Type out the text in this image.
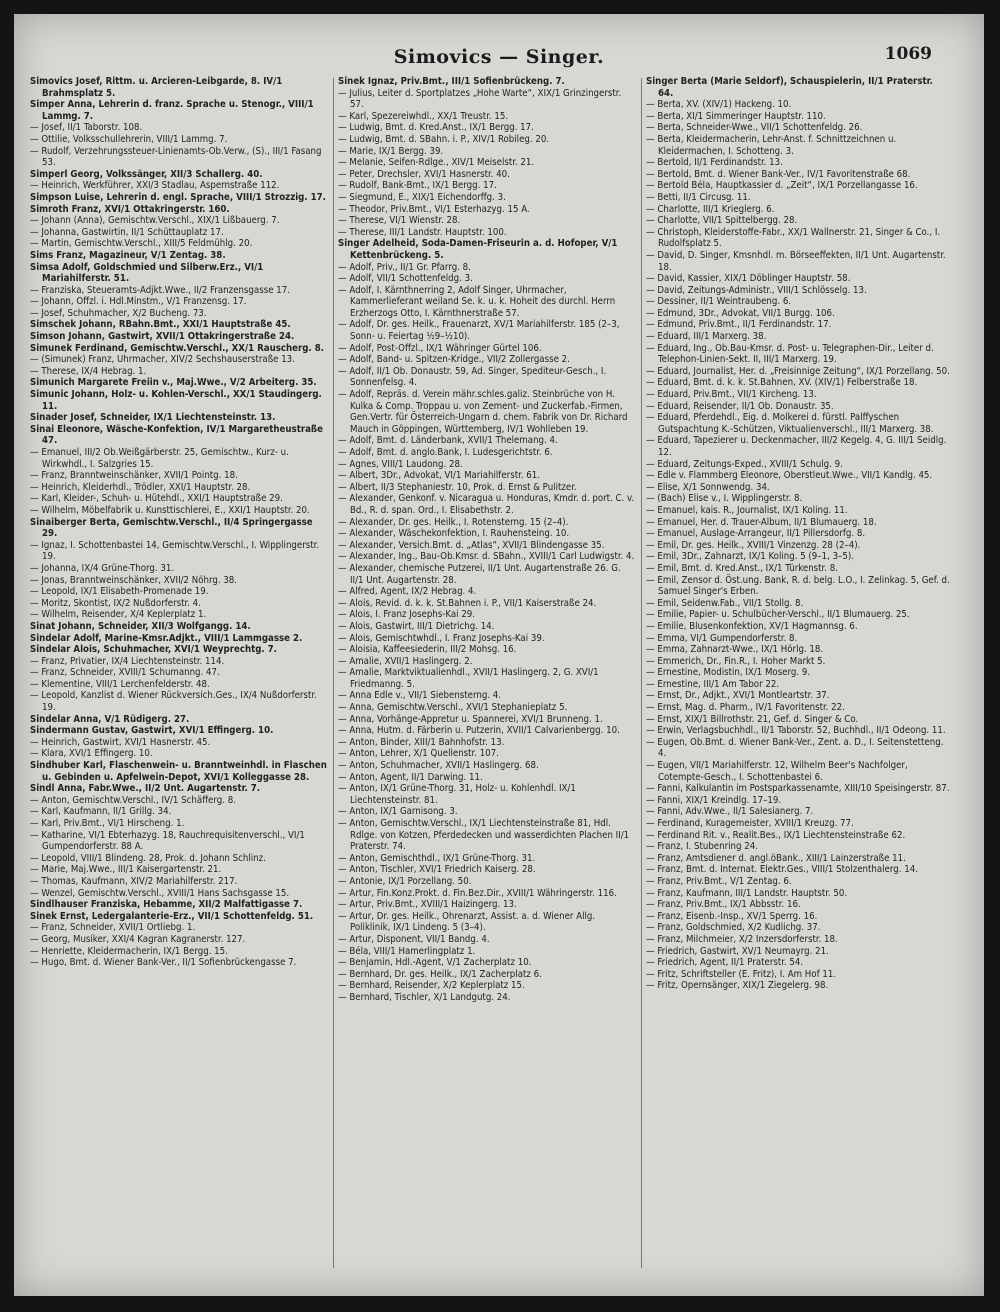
Simovics — Singer.	1069
Simovics Josef, Rittm. u. Arcieren-Leibgarde, 8. IV/1 Brahmsplatz 5.
Simper Anna, Lehrerin d. franz. Sprache u. Stenogr., VIII/1 Lammg. 7.
— Josef, II/1 Taborstr. 108.
— Ottilie, Volksschullehrerin, VIII/1 Lammg. 7.
— Rudolf, Verzehrungssteuer-Linienamts-Ob.Verw., (S)., III/1 Fasang 53.
Simperl Georg, Volkssänger, XII/3 Schallerg. 40.
— Heinrich, Werkführer, XXI/3 Stadlau, Aspernstraße 112.
Simpson Luise, Lehrerin d. engl. Sprache, VIII/1 Strozzig. 17.
Simroth Franz, XVI/1 Ottakringerstr. 160.
— Johann (Anna), Gemischtw.Verschl., XIX/1 Lißbauerg. 7.
— Johanna, Gastwirtin, II/1 Schüttauplatz 17.
— Martin, Gemischtw.Verschl., XIII/5 Feldmühlg. 20.
Sims Franz, Magazineur, V/1 Zentag. 38.
Simsa Adolf, Goldschmied und Silberw.Erz., VI/1 Mariahilferstr. 51.
— Franziska, Steueramts-Adjkt.Wwe., II/2 Franzensgasse 17.
— Johann, Offzl. i. Hdl.Minstm., V/1 Franzensg. 17.
— Josef, Schuhmacher, X/2 Bucheng. 73.
Simschek Johann, RBahn.Bmt., XXI/1 Hauptstraße 45.
Simson Johann, Gastwirt, XVII/1 Ottakringerstraße 24.
Simunek Ferdinand, Gemischtw.Verschl., XX/1 Rauscherg. 8.
— (Simunek) Franz, Uhrmacher, XIV/2 Sechshauserstraße 13.
— Therese, IX/4 Hebrag. 1.
Simunich Margarete Freiin v., Maj.Wwe., V/2 Arbeiterg. 35.
Simunic Johann, Holz- u. Kohlen-Verschl., XX/1 Staudingerg. 11.
Sinader Josef, Schneider, IX/1 Liechtensteinstr. 13.
Sinai Eleonore, Wäsche-Konfektion, IV/1 Margaretheustraße 47.
— Emanuel, III/2 Ob.Weißgärberstr. 25, Gemischtw., Kurz- u. Wirkwhdl., I. Salzgries 15.
— Franz, Branntweinschänker, XVII/1 Pointg. 18.
— Heinrich, Kleiderhdl., Trödler, XXI/1 Hauptstr. 28.
— Karl, Kleider-, Schuh- u. Hütehdl., XXI/1 Hauptstraße 29.
— Wilhelm, Möbelfabrik u. Kunsttischlerei, E., XXI/1 Hauptstr. 20.
Sinaiberger Berta, Gemischtw.Verschl., II/4 Springergasse 29.
— Ignaz, I. Schottenbastei 14, Gemischtw.Verschl., I. Wipplingerstr. 19.
— Johanna, IX/4 Grüne-Thorg. 31.
— Jonas, Branntweinschänker, XVII/2 Nöhrg. 38.
— Leopold, IX/1 Elisabeth-Promenade 19.
— Moritz, Skontist, IX/2 Nußdorferstr. 4.
— Wilhelm, Reisender, X/4 Keplerplatz 1.
Sinat Johann, Schneider, XII/3 Wolfgangg. 14.
Sindelar Adolf, Marine-Kmsr.Adjkt., VIII/1 Lammgasse 2.
Sindelar Alois, Schuhmacher, XVI/1 Weyprechtg. 7.
— Franz, Privatier, IX/4 Liechtensteinstr. 114.
— Franz, Schneider, XVIII/1 Schumanng. 47.
— Klementine, VIII/1 Lerchenfelderstr. 48.
— Leopold, Kanzlist d. Wiener Rückversich.Ges., IX/4 Nußdorferstr. 19.
Sindelar Anna, V/1 Rüdigerg. 27.
Sindermann Gustav, Gastwirt, XVI/1 Effingerg. 10.
— Heinrich, Gastwirt, XVI/1 Hasnerstr. 45.
— Klara, XVI/1 Effingerg. 10.
Sindhuber Karl, Flaschenwein- u. Branntweinhdl. in Flaschen u. Gebinden u. Apfelwein-Depot, XVI/1 Kolleggasse 28.
Sindl Anna, Fabr.Wwe., II/2 Unt. Augartenstr. 7.
— Anton, Gemischtw.Verschl., IV/1 Schäfferg. 8.
— Karl, Kaufmann, II/1 Grillg. 34.
— Karl, Priv.Bmt., VI/1 Hirscheng. 1.
— Katharine, VI/1 Ebterhazyg. 18, Rauchrequisitenverschl., VI/1 Gumpendorferstr. 88 A.
— Leopold, VIII/1 Blindeng. 28, Prok. d. Johann Schlinz.
— Marie, Maj.Wwe., III/1 Kaisergartenstr. 21.
— Thomas, Kaufmann, XIV/2 Mariahilferstr. 217.
— Wenzel, Gemischtw.Verschl., XVIII/1 Hans Sachsgasse 15.
Sindlhauser Franziska, Hebamme, XII/2 Malfattigasse 7.
Sinek Ernst, Ledergalanterie-Erz., VII/1 Schottenfeldg. 51.
— Franz, Schneider, XVII/1 Ortliebg. 1.
— Georg, Musiker, XXI/4 Kagran Kagranerstr. 127.
— Henriette, Kleidermacherin, IX/1 Bergg. 15.
— Hugo, Bmt. d. Wiener Bank-Ver., II/1 Sofienbrückengasse 7.
Sinek Ignaz, Priv.Bmt., III/1 Sofienbrückeng. 7.
— Julius, Leiter d. Sportplatzes „Hohe Warte“, XIX/1 Grinzingerstr. 57.
— Karl, Spezereiwhdl., XX/1 Treustr. 15.
— Ludwig, Bmt. d. Kred.Anst., IX/1 Bergg. 17.
— Ludwig, Bmt. d. SBahn. i. P., XIV/1 Robileg. 20.
— Marie, IX/1 Bergg. 39.
— Melanie, Seifen-Rdlge., XIV/1 Meiselstr. 21.
— Peter, Drechsler, XVI/1 Hasnerstr. 40.
— Rudolf, Bank-Bmt., IX/1 Bergg. 17.
— Siegmund, E., XIX/1 Eichendorffg. 3.
— Theodor, Priv.Bmt., VI/1 Esterhazyg. 15 A.
— Therese, VI/1 Wienstr. 28.
— Therese, III/1 Landstr. Hauptstr. 100.
Singer Adelheid, Soda-Damen-Friseurin a. d. Hofoper, V/1 Kettenbrückeng. 5.
— Adolf, Priv., II/1 Gr. Pfarrg. 8.
— Adolf, VII/1 Schottenfeldg. 3.
— Adolf, I. Kärnthnerring 2, Adolf Singer, Uhrmacher, Kammerlieferant weiland Se. k. u. k. Hoheit des durchl. Herrn Erzherzogs Otto, I. Kärnthnerstraße 57.
— Adolf, Dr. ges. Heilk., Frauenarzt, XV/1 Mariahilferstr. 185 (2–3, Sonn- u. Feiertag ½9–½10).
— Adolf, Post-Offzl., IX/1 Währinger Gürtel 106.
— Adolf, Band- u. Spitzen-Kridge., VII/2 Zollergasse 2.
— Adolf, II/1 Ob. Donaustr. 59, Ad. Singer, Spediteur-Gesch., I. Sonnenfelsg. 4.
— Adolf, Repräs. d. Verein mähr.schles.galiz. Steinbrüche von H. Kulka & Comp. Troppau u. von Zement- und Zuckerfab.-Firmen, Gen.Vertr. für Österreich-Ungarn d. chem. Fabrik von Dr. Richard Mauch in Göppingen, Württemberg, IV/1 Wohlleben 19.
— Adolf, Bmt. d. Länderbank, XVII/1 Thelemang. 4.
— Adolf, Bmt. d. anglo.Bank, I. Ludesgerichtstr. 6.
— Agnes, VIII/1 Laudong. 28.
— Albert, 3Dr., Advokat, VI/1 Mariahilferstr. 61.
— Albert, II/3 Stephaniestr. 10, Prok. d. Ernst & Pulitzer.
— Alexander, Genkonf. v. Nicaragua u. Honduras, Kmdr. d. port. C. v. Bd., R. d. span. Ord., I. Elisabethstr. 2.
— Alexander, Dr. ges. Heilk., I. Rotensterng. 15 (2–4).
— Alexander, Wäschekonfektion, I. Rauhensteing. 10.
— Alexander, Versich.Bmt. d. „Atlas“, XVII/1 Blindengasse 35.
— Alexander, Ing., Bau-Ob.Kmsr. d. SBahn., XVIII/1 Carl Ludwigstr. 4.
— Alexander, chemische Putzerei, II/1 Unt. Augartenstraße 26. G. II/1 Unt. Augartenstr. 28.
— Alfred, Agent, IX/2 Hebrag. 4.
— Alois, Revid. d. k. k. St.Bahnen i. P., VII/1 Kaiserstraße 24.
— Alois, I. Franz Josephs-Kai 29.
— Alois, Gastwirt, III/1 Dietrichg. 14.
— Alois, Gemischtwhdl., I. Franz Josephs-Kai 39.
— Aloisia, Kaffeesiederin, III/2 Mohsg. 16.
— Amalie, XVII/1 Haslingerg. 2.
— Amalie, Marktviktualienhdl., XVII/1 Haslingerg. 2, G. XVI/1 Friedmanng. 5.
— Anna Edle v., VII/1 Siebensterng. 4.
— Anna, Gemischtw.Verschl., XVI/1 Stephanieplatz 5.
— Anna, Vorhänge-Appretur u. Spannerei, XVI/1 Brunneng. 1.
— Anna, Hutm. d. Färberin u. Putzerin, XVII/1 Calvarienbergg. 10.
— Anton, Binder, XIII/1 Bahnhofstr. 13.
— Anton, Lehrer, X/1 Quellenstr. 107.
— Anton, Schuhmacher, XVII/1 Haslingerg. 68.
— Anton, Agent, II/1 Darwing. 11.
— Anton, IX/1 Grüne-Thorg. 31, Holz- u. Kohlenhdl. IX/1 Liechtensteinstr. 81.
— Anton, IX/1 Garnisong. 3.
— Anton, Gemischtw.Verschl., IX/1 Liechtensteinstraße 81, Hdl. Rdlge. von Kotzen, Pferdedecken und wasserdichten Plachen II/1 Praterstr. 74.
— Anton, Gemischthdl., IX/1 Grüne-Thorg. 31.
— Anton, Tischler, XVI/1 Friedrich Kaiserg. 28.
— Antonie, IX/1 Porzellang. 50.
— Artur, Fin.Konz.Prokt. d. Fin.Bez.Dir., XVIII/1 Währingerstr. 116.
— Artur, Priv.Bmt., XVIII/1 Haizingerg. 13.
— Artur, Dr. ges. Heilk., Ohrenarzt, Assist. a. d. Wiener Allg. Poliklinik, IX/1 Lindeng. 5 (3–4).
— Artur, Disponent, VII/1 Bandg. 4.
— Béla, VIII/1 Hamerlingplatz 1.
— Benjamin, Hdl.-Agent, V/1 Zacherplatz 10.
— Bernhard, Dr. ges. Heilk., IX/1 Zacherplatz 6.
— Bernhard, Reisender, X/2 Keplerplatz 15.
— Bernhard, Tischler, X/1 Landgutg. 24.
Singer Berta (Marie Seldorf), Schauspielerin, II/1 Praterstr. 64.
— Berta, XV. (XIV/1) Hackeng. 10.
— Berta, XI/1 Simmeringer Hauptstr. 110.
— Berta, Schneider-Wwe., VII/1 Schottenfeldg. 26.
— Berta, Kleidermacherin, Lehr-Anst. f. Schnittzeichnen u. Kleidermachen, I. Schotteng. 3.
— Bertold, II/1 Ferdinandstr. 13.
— Bertold, Bmt. d. Wiener Bank-Ver., IV/1 Favoritenstraße 68.
— Bertold Béla, Hauptkassier d. „Zeit“, IX/1 Porzellangasse 16.
— Betti, II/1 Circusg. 11.
— Charlotte, III/1 Krieglerg. 6.
— Charlotte, VII/1 Spittelbergg. 28.
— Christoph, Kleiderstoffe-Fabr., XX/1 Wallnerstr. 21, Singer & Co., I. Rudolfsplatz 5.
— David, D. Singer, Kmsnhdl. m. Börseeffekten, II/1 Unt. Augartenstr. 18.
— David, Kassier, XIX/1 Döblinger Hauptstr. 58.
— David, Zeitungs-Administr., VIII/1 Schlösselg. 13.
— Dessiner, II/1 Weintraubeng. 6.
— Edmund, 3Dr., Advokat, VII/1 Burgg. 106.
— Edmund, Priv.Bmt., II/1 Ferdinandstr. 17.
— Eduard, III/1 Marxerg. 38.
— Eduard, Ing., Ob.Bau-Kmsr. d. Post- u. Telegraphen-Dir., Leiter d. Telephon-Linien-Sekt. II, III/1 Marxerg. 19.
— Eduard, Journalist, Her. d. „Freisinnige Zeitung“, IX/1 Porzellang. 50.
— Eduard, Bmt. d. k. k. St.Bahnen, XV. (XIV/1) Felberstraße 18.
— Eduard, Priv.Bmt., VII/1 Kircheng. 13.
— Eduard, Reisender, II/1 Ob. Donaustr. 35.
— Eduard, Pferdehdl., Eig. d. Molkerei d. fürstl. Palffyschen Gutspachtung K.-Schützen, Viktualienverschl., III/1 Marxerg. 38.
— Eduard, Tapezierer u. Deckenmacher, III/2 Kegelg. 4, G. III/1 Seidlg. 12.
— Eduard, Zeitungs-Exped., XVIII/1 Schulg. 9.
— Edle v. Flammberg Eleonore, Oberstleut.Wwe., VII/1 Kandlg. 45.
— Elise, X/1 Sonnwendg. 34.
— (Bach) Elise v., I. Wipplingerstr. 8.
— Emanuel, kais. R., Journalist, IX/1 Koling. 11.
— Emanuel, Her. d. Trauer-Album, II/1 Blumauerg. 18.
— Emanuel, Auslage-Arrangeur, II/1 Pillersdorfg. 8.
— Emil, Dr. ges. Heilk., XVIII/1 Vinzenzg. 28 (2–4).
— Emil, 3Dr., Zahnarzt, IX/1 Koling. 5 (9–1, 3–5).
— Emil, Bmt. d. Kred.Anst., IX/1 Türkenstr. 8.
— Emil, Zensor d. Öst.ung. Bank, R. d. belg. L.O., I. Zelinkag. 5, Gef. d. Samuel Singer's Erben.
— Emil, Seidenw.Fab., VII/1 Stollg. 8.
— Emilie, Papier- u. Schulbücher-Verschl., II/1 Blumauerg. 25.
— Emilie, Blusenkonfektion, XV/1 Hagmannsg. 6.
— Emma, VI/1 Gumpendorferstr. 8.
— Emma, Zahnarzt-Wwe., IX/1 Hörlg. 18.
— Emmerich, Dr., Fin.R., I. Hoher Markt 5.
— Ernestine, Modistin, IX/1 Moserg. 9.
— Ernestine, III/1 Am Tabor 22.
— Ernst, Dr., Adjkt., XVI/1 Montleartstr. 37.
— Ernst, Mag. d. Pharm., IV/1 Favoritenstr. 22.
— Ernst, XIX/1 Billrothstr. 21, Gef. d. Singer & Co.
— Erwin, Verlagsbuchhdl., II/1 Taborstr. 52, Buchhdl., II/1 Odeong. 11.
— Eugen, Ob.Bmt. d. Wiener Bank-Ver., Zent. a. D., I. Seitenstetteng. 4.
— Eugen, VII/1 Mariahilferstr. 12, Wilhelm Beer's Nachfolger, Cotempte-Gesch., I. Schottenbastei 6.
— Fanni, Kalkulantin im Postsparkassenamte, XIII/10 Speisingerstr. 87.
— Fanni, XIX/1 Kreindlg. 17–19.
— Fanni, Adv.Wwe., II/1 Salesianerg. 7.
— Ferdinand, Kuragemeister, XVIII/1 Kreuzg. 77.
— Ferdinand Rit. v., Realit.Bes., IX/1 Liechtensteinstraße 62.
— Franz, I. Stubenring 24.
— Franz, Amtsdiener d. angl.öBank., XIII/1 Lainzerstraße 11.
— Franz, Bmt. d. Internat. Elektr.Ges., VIII/1 Stolzenthalerg. 14.
— Franz, Priv.Bmt., V/1 Zentag. 6.
— Franz, Kaufmann, III/1 Landstr. Hauptstr. 50.
— Franz, Priv.Bmt., IX/1 Abbsstr. 16.
— Franz, Eisenb.-Insp., XV/1 Sperrg. 16.
— Franz, Goldschmied, X/2 Kudlichg. 37.
— Franz, Milchmeier, X/2 Inzersdorferstr. 18.
— Friedrich, Gastwirt, XV/1 Neumayrg. 21.
— Friedrich, Agent, II/1 Praterstr. 54.
— Fritz, Schriftsteller (E. Fritz), I. Am Hof 11.
— Fritz, Opernsänger, XIX/1 Ziegelerg. 98.
